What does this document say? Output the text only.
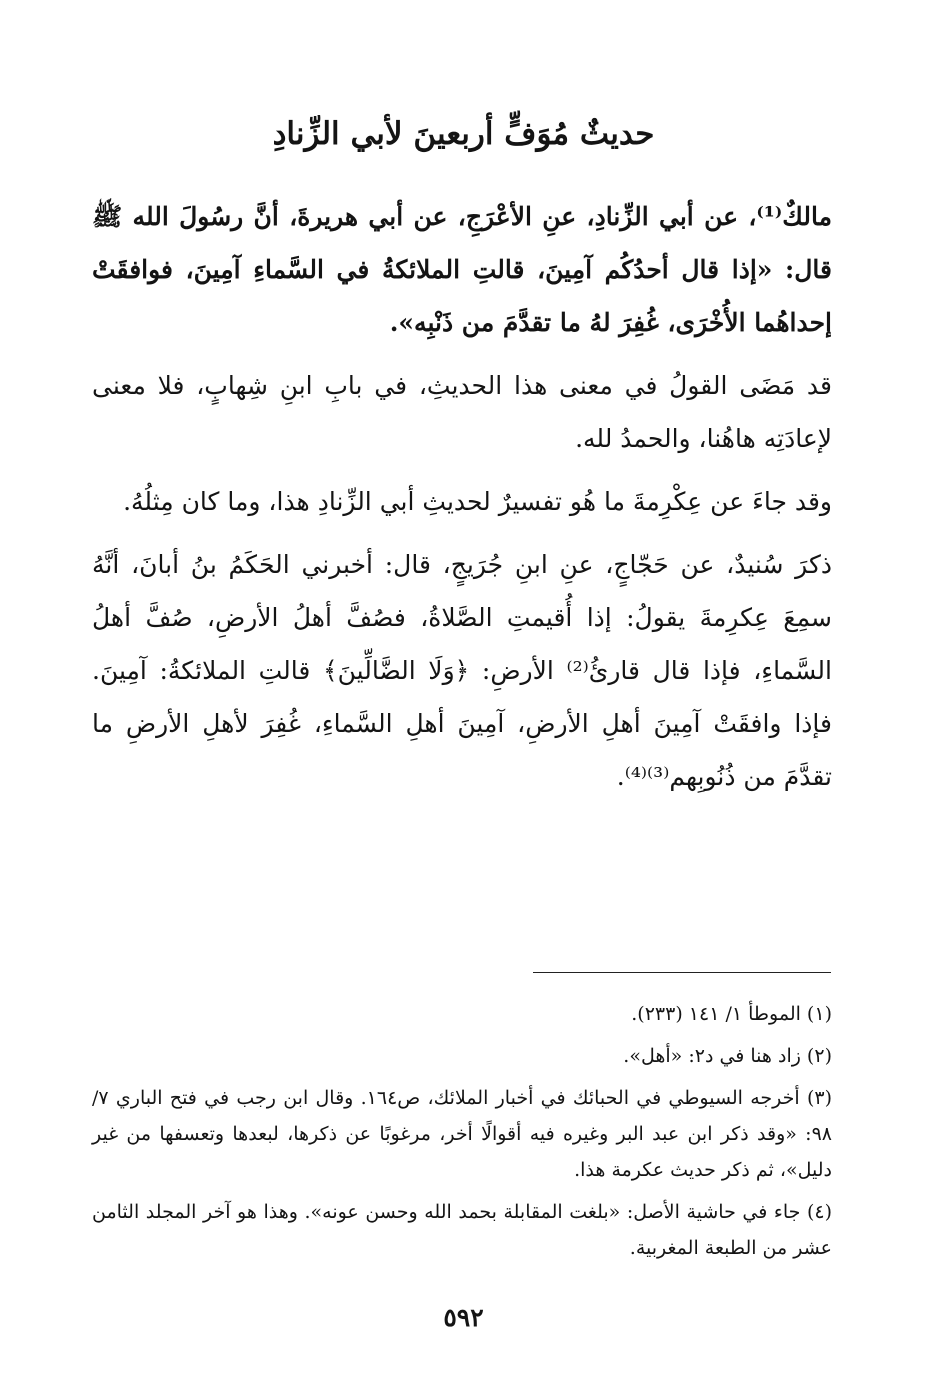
حديثٌ مُوَفٍّ أربعينَ لأبي الزِّنادِ

مالكٌ⁽¹⁾، عن أبي الزِّنادِ، عنِ الأعْرَجِ، عن أبي هريرةَ، أنَّ رسُولَ الله ﷺ قال: «إذا قال أحدُكُم آمِينَ، قالتِ الملائكةُ في السَّماءِ آمِينَ، فوافقَتْ إحداهُما الأُخْرَى، غُفِرَ لهُ ما تقدَّمَ من ذَنْبِه».

قد مَضَى القولُ في معنى هذا الحديثِ، في بابِ ابنِ شِهابٍ، فلا معنى لإعادَتِه هاهُنا، والحمدُ لله.

وقد جاءَ عن عِكْرِمةَ ما هُو تفسيرٌ لحديثِ أبي الزِّنادِ هذا، وما كان مِثلُهُ.

ذكرَ سُنيدٌ، عن حَجّاجٍ، عنِ ابنِ جُرَيجٍ، قال: أخبرني الحَكَمُ بنُ أبانَ، أنَّهُ سمِعَ عِكرِمةَ يقولُ: إذا أُقيمتِ الصَّلاةُ، فصُفَّ أهلُ الأرضِ، صُفَّ أهلُ السَّماءِ، فإذا قال قارئُ⁽²⁾ الأرضِ: ﴿وَلَا الضَّالِّينَ﴾ قالتِ الملائكةُ: آمِينَ. فإذا وافقَتْ آمِينَ أهلِ الأرضِ، آمِينَ أهلِ السَّماءِ، غُفِرَ لأهلِ الأرضِ ما تقدَّمَ من ذُنُوبِهم⁽³⁾⁽⁴⁾.

(١) الموطأ ١/ ١٤١ (٢٣٣).

(٢) زاد هنا في د٢: «أهل».

(٣) أخرجه السيوطي في الحبائك في أخبار الملائك، ص١٦٤. وقال ابن رجب في فتح الباري ٧/ ٩٨: «وقد ذكر ابن عبد البر وغيره فيه أقوالًا أخر، مرغوبًا عن ذكرها، لبعدها وتعسفها من غير دليل»، ثم ذكر حديث عكرمة هذا.

(٤) جاء في حاشية الأصل: «بلغت المقابلة بحمد الله وحسن عونه». وهذا هو آخر المجلد الثامن عشر من الطبعة المغربية.

٥٩٢
